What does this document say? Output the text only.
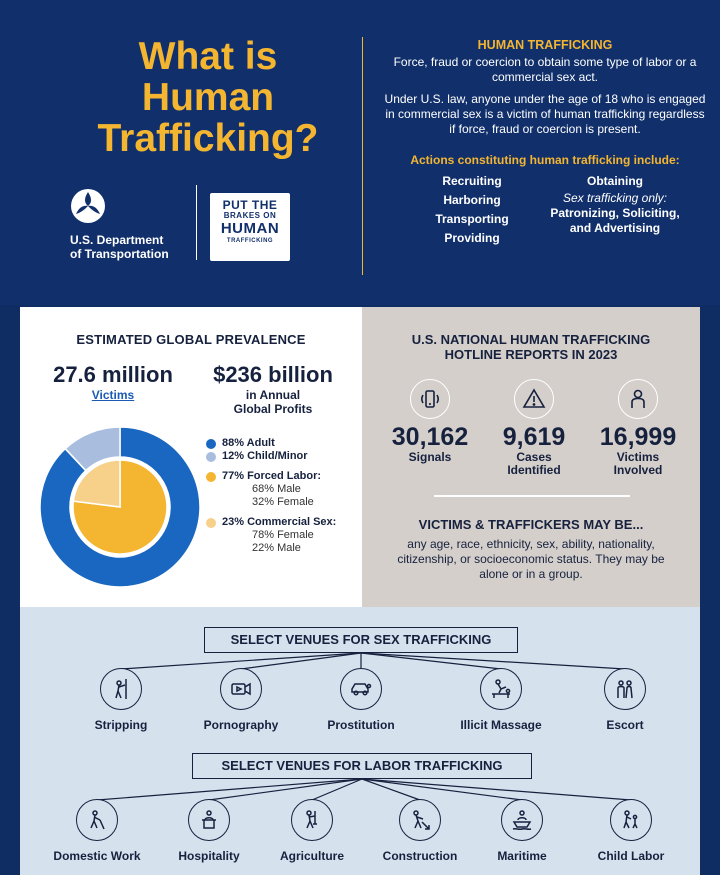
What is
Human
Trafficking?
U.S. Department
of Transportation
PUT THE
BRAKES ON
HUMAN
TRAFFICKING
HUMAN TRAFFICKING
Force, fraud or coercion to obtain some type of labor or a commercial sex act.
Under U.S. law, anyone under the age of 18 who is engaged in commercial sex is a victim of human trafficking regardless if force, fraud or coercion is present.
Actions constituting human trafficking include:
Recruiting
Harboring
Transporting
Providing
Obtaining
Sex trafficking only:
Patronizing, Soliciting,
and Advertising
ESTIMATED GLOBAL PREVALENCE
27.6 million
Victims
$236 billion
in Annual
Global Profits
88% Adult
12% Child/Minor
77% Forced Labor:
68% Male
32% Female
23% Commercial Sex:
78% Female
22% Male
U.S. NATIONAL HUMAN TRAFFICKING
HOTLINE REPORTS IN 2023
30,162
Signals
9,619
Cases
Identified
16,999
Victims
Involved
VICTIMS & TRAFFICKERS MAY BE...
any age, race, ethnicity, sex, ability, nationality, citizenship, or socioeconomic status. They may be alone or in a group.
SELECT VENUES FOR SEX TRAFFICKING
SELECT VENUES FOR LABOR TRAFFICKING
Stripping	Pornography	Prostitution	Illicit Massage	Escort
Domestic Work	Hospitality	Agriculture	Construction	Maritime	Child Labor
